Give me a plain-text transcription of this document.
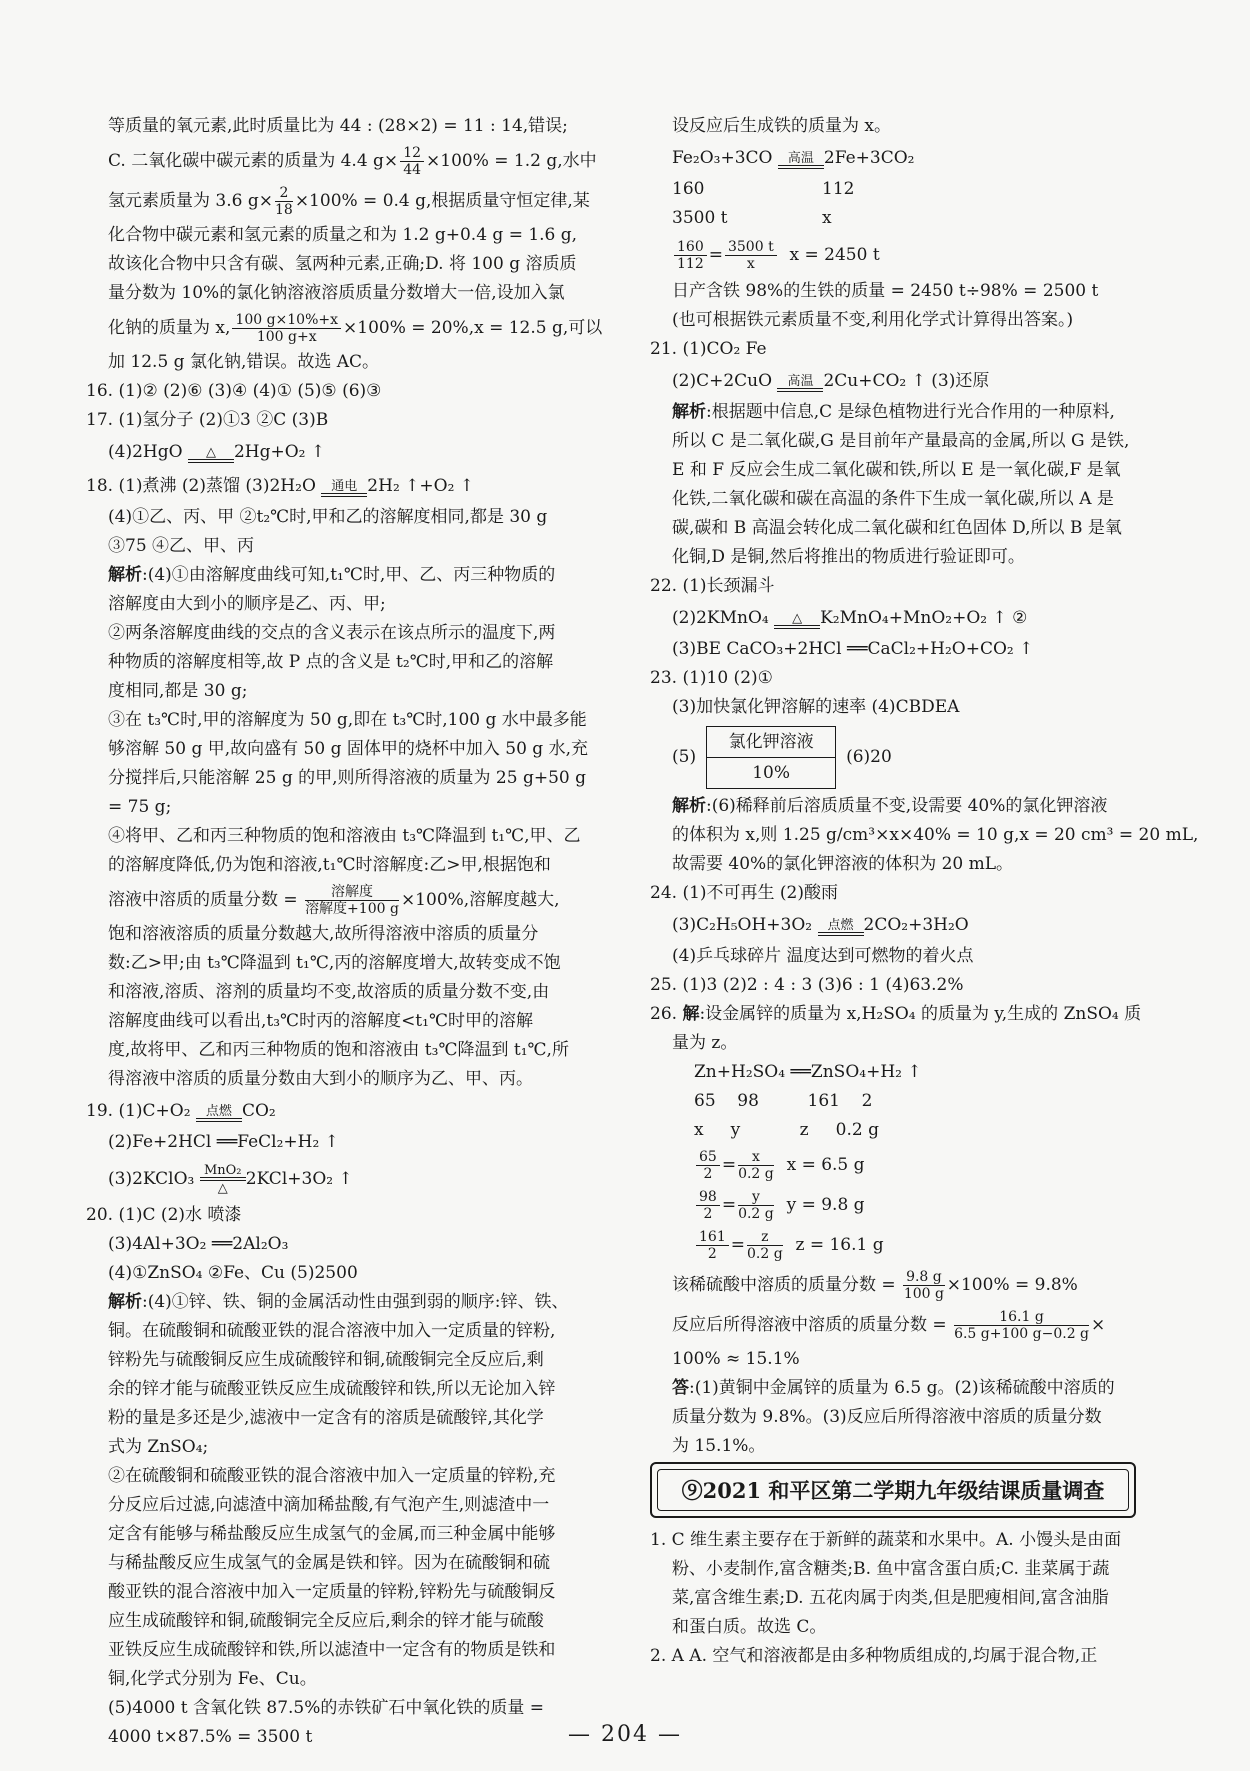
等质量的氧元素,此时质量比为 44 : (28×2) = 11 : 14,错误;
C. 二氧化碳中碳元素的质量为 4.4 $g\times \frac{12}{44} \times 100\% = 1.2$ g,水中
氢元素质量为 3.6 $g\times \frac{2}{18} \times 100\% = 0.4$ g,根据质量守恒定律,某
化合物中碳元素和氢元素的质量之和为 1.2 g+0.4 g = 1.6 g,
故该化合物中只含有碳、氢两种元素,正确;D. 将 100 g 溶质质
量分数为 10%的氯化钠溶液溶质质量分数增大一倍,设加入氯
化钠的质量为 x, $\frac{100 g\times 10\%+x}{100 g+x} \times 100\% = 20\%,x = 12.5$ g,可以
加 12.5 g 氯化钠,错误。故选 AC。
16. (1)② (2)⑥ (3)④ (4)① (5)⑤ (6)③
17. (1)氢分子 (2)①3 ②C (3)B
(4)2HgO	△	2Hg+O₂ ↑
18. (1)煮沸 (2)蒸馏 (3)2H₂O 通电 2H₂ ↑+O₂ ↑
(4)①乙、丙、甲 ②t₂℃时,甲和乙的溶解度相同,都是 30 g
③75 ④乙、甲、丙
解析:(4)①由溶解度曲线可知,t₁℃时,甲、乙、丙三种物质的
溶解度由大到小的顺序是乙、丙、甲;
②两条溶解度曲线的交点的含义表示在该点所示的温度下,两
种物质的溶解度相等,故 P 点的含义是 t₂℃时,甲和乙的溶解
度相同,都是 30 g;
③在 t₃℃时,甲的溶解度为 50 g,即在 t₃℃时,100 g 水中最多能
够溶解 50 g 甲,故向盛有 50 g 固体甲的烧杯中加入 50 g 水,充
分搅拌后,只能溶解 25 g 的甲,则所得溶液的质量为 25 g+50 g
= 75 g;
④将甲、乙和丙三种物质的饱和溶液由 t₃℃降温到 t₁℃,甲、乙
的溶解度降低,仍为饱和溶液,t₁℃时溶解度:乙>甲,根据饱和
溶液中溶质的质量分数 = $\frac{\text{溶解度}}{\text{溶解度+100 g}} \times 100\%$,溶解度越大,
饱和溶液溶质的质量分数越大,故所得溶液中溶质的质量分
数:乙>甲;由 t₃℃降温到 t₁℃,丙的溶解度增大,故转变成不饱
和溶液,溶质、溶剂的质量均不变,故溶质的质量分数不变,由
溶解度曲线可以看出,t₃℃时丙的溶解度<t₁℃时甲的溶解
度,故将甲、乙和丙三种物质的饱和溶液由 t₃℃降温到 t₁℃,所
得溶液中溶质的质量分数由大到小的顺序为乙、甲、丙。
19. (1)C+O₂ 点燃 CO₂
(2)Fe+2HCl ══FeCl₂+H₂ ↑
(3)2KClO₃ MnO₂
△	2KCl+3O₂ ↑
20. (1)C (2)水 喷漆
(3)4Al+3O₂ ══2Al₂O₃
(4)①ZnSO₄ ②Fe、Cu (5)2500
解析:(4)①锌、铁、铜的金属活动性由强到弱的顺序:锌、铁、
铜。在硫酸铜和硫酸亚铁的混合溶液中加入一定质量的锌粉,
锌粉先与硫酸铜反应生成硫酸锌和铜,硫酸铜完全反应后,剩
余的锌才能与硫酸亚铁反应生成硫酸锌和铁,所以无论加入锌
粉的量是多还是少,滤液中一定含有的溶质是硫酸锌,其化学
式为 ZnSO₄;
②在硫酸铜和硫酸亚铁的混合溶液中加入一定质量的锌粉,充
分反应后过滤,向滤渣中滴加稀盐酸,有气泡产生,则滤渣中一
定含有能够与稀盐酸反应生成氢气的金属,而三种金属中能够
与稀盐酸反应生成氢气的金属是铁和锌。因为在硫酸铜和硫
酸亚铁的混合溶液中加入一定质量的锌粉,锌粉先与硫酸铜反
应生成硫酸锌和铜,硫酸铜完全反应后,剩余的锌才能与硫酸
亚铁反应生成硫酸锌和铁,所以滤渣中一定含有的物质是铁和
铜,化学式分别为 Fe、Cu。
(5)4000 t 含氧化铁 87.5%的赤铁矿石中氧化铁的质量 =
4000 t×87.5% = 3500 t
设反应后生成铁的质量为 x。
Fe₂O₃+3CO 高温 2Fe+3CO₂
160	112
3500 t	x
$\frac{160}{112} = \frac{3500 t}{x}$ x = 2450 t
日产含铁 98%的生铁的质量 = 2450 t÷98% = 2500 t
(也可根据铁元素质量不变,利用化学式计算得出答案。)
21. (1)CO₂ Fe
(2)C+2CuO 高温 2Cu+CO₂ ↑ (3)还原
解析:根据题中信息,C 是绿色植物进行光合作用的一种原料,
所以 C 是二氧化碳,G 是目前年产量最高的金属,所以 G 是铁,
E 和 F 反应会生成二氧化碳和铁,所以 E 是一氧化碳,F 是氧
化铁,二氧化碳和碳在高温的条件下生成一氧化碳,所以 A 是
碳,碳和 B 高温会转化成二氧化碳和红色固体 D,所以 B 是氧
化铜,D 是铜,然后将推出的物质进行验证即可。
22. (1)长颈漏斗
(2)2KMnO₄	△	K₂MnO₄+MnO₂+O₂ ↑ ②
(3)BE CaCO₃+2HCl ══CaCl₂+H₂O+CO₂ ↑
23. (1)10 (2)①
(3)加快氯化钾溶解的速率 (4)CBDEA
(5)
氯化钾溶液
10%
(6)20
解析:(6)稀释前后溶质质量不变,设需要 40%的氯化钾溶液
的体积为 x,则 1.25 g/cm³×x×40% = 10 g,x = 20 cm³ = 20 mL,
故需要 40%的氯化钾溶液的体积为 20 mL。
24. (1)不可再生 (2)酸雨
(3)C₂H₅OH+3O₂ 点燃 2CO₂+3H₂O
(4)乒乓球碎片 温度达到可燃物的着火点
25. (1)3 (2)2 : 4 : 3 (3)6 : 1 (4)63.2%
26. 解:设金属锌的质量为 x,H₂SO₄ 的质量为 y,生成的 ZnSO₄ 质
量为 z。
Zn+H₂SO₄ ══ZnSO₄+H₂ ↑
65    98         161    2
x     y           z     0.2 g
$\frac{65}{2} = \frac{x}{0.2 g}$ x = 6.5 g
$\frac{98}{2} = \frac{y}{0.2 g}$ y = 9.8 g
$\frac{161}{2} = \frac{z}{0.2 g}$ z = 16.1 g
该稀硫酸中溶质的质量分数 = $\frac{9.8 g}{100 g} \times 100\% = 9.8\%$
反应后所得溶液中溶质的质量分数 = $\frac{16.1 g}{6.5 g+100 g-0.2 g}$ ×
100% ≈ 15.1%
答:(1)黄铜中金属锌的质量为 6.5 g。(2)该稀硫酸中溶质的
质量分数为 9.8%。(3)反应后所得溶液中溶质的质量分数
为 15.1%。
⑨2021 和平区第二学期九年级结课质量调查
1. C 维生素主要存在于新鲜的蔬菜和水果中。A. 小馒头是由面
粉、小麦制作,富含糖类;B. 鱼中富含蛋白质;C. 韭菜属于蔬
菜,富含维生素;D. 五花肉属于肉类,但是肥瘦相间,富含油脂
和蛋白质。故选 C。
2. A A. 空气和溶液都是由多种物质组成的,均属于混合物,正
— 204 —
